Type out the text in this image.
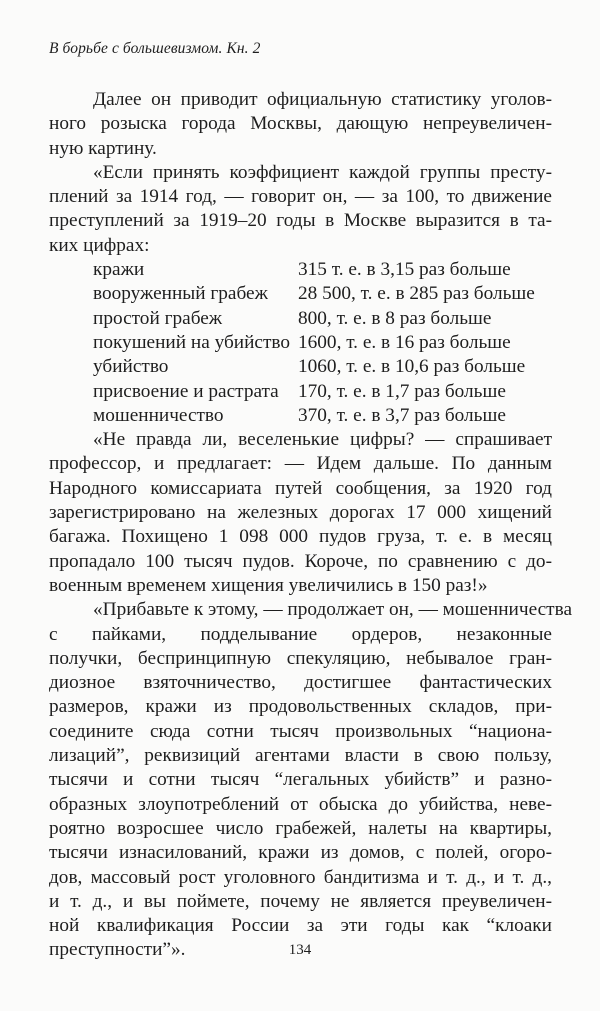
В борьбе с большевизмом. Кн. 2

Далее он приводит официальную статистику уголов-
ного розыска города Москвы, дающую непреувеличен-
ную картину.

«Если принять коэффициент каждой группы престу-
плений за 1914 год, — говорит он, — за 100, то движение
преступлений за 1919–20 годы в Москве выразится в та-
ких цифрах:

кражи	315 т. е. в 3,15 раз больше
вооруженный грабеж	28 500, т. е. в 285 раз больше
простой грабеж	800, т. е. в 8 раз больше
покушений на убийство 1600, т. е. в 16 раз больше
убийство	1060, т. е. в 10,6 раз больше
присвоение и растрата 170, т. е. в 1,7 раз больше
мошенничество	370, т. е. в 3,7 раз больше

«Не правда ли, веселенькие цифры? — спрашивает
профессор, и предлагает: — Идем дальше. По данным
Народного комиссариата путей сообщения, за 1920 год
зарегистрировано на железных дорогах 17 000 хищений
багажа. Похищено 1 098 000 пудов груза, т. е. в месяц
пропадало 100 тысяч пудов. Короче, по сравнению с до-
военным временем хищения увеличились в 150 раз!»

«Прибавьте к этому, — продолжает он, — мошенничества
с пайками, подделывание ордеров, незаконные
получки, беспринципную спекуляцию, небывалое гран-
диозное взяточничество, достигшее фантастических
размеров, кражи из продовольственных складов, при-
соедините сюда сотни тысяч произвольных “национа-
лизаций”, реквизиций агентами власти в свою пользу,
тысячи и сотни тысяч “легальных убийств” и разно-
образных злоупотреблений от обыска до убийства, неве-
роятно возросшее число грабежей, налеты на квартиры,
тысячи изнасилований, кражи из домов, с полей, огоро-
дов, массовый рост уголовного бандитизма и т. д., и т. д.,
и т. д., и вы поймете, почему не является преувеличен-
ной квалификация России за эти годы как “клоаки
преступности”».	134
